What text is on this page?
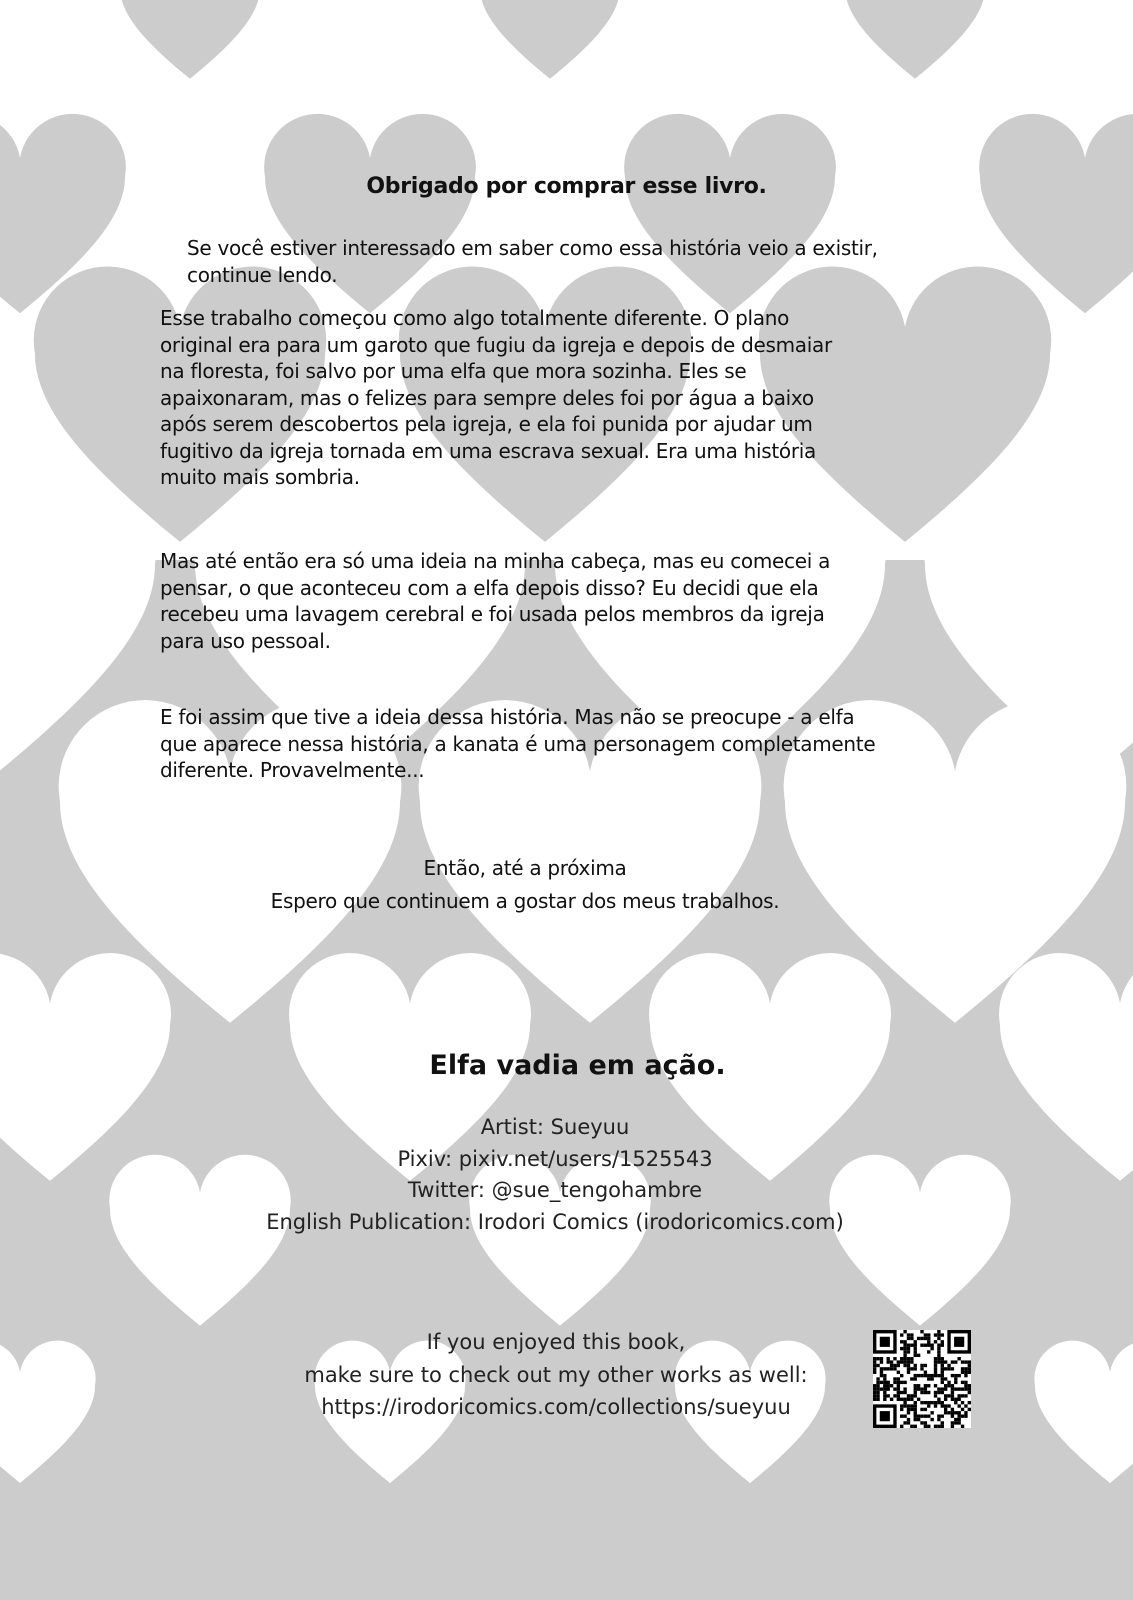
Obrigado por comprar esse livro.
Se você estiver interessado em saber como essa história veio a existir,
continue lendo.
Esse trabalho começou como algo totalmente diferente. O plano
original era para um garoto que fugiu da igreja e depois de desmaiar
na floresta, foi salvo por uma elfa que mora sozinha. Eles se
apaixonaram, mas o felizes para sempre deles foi por água a baixo
após serem descobertos pela igreja, e ela foi punida por ajudar um
fugitivo da igreja tornada em uma escrava sexual. Era uma história
muito mais sombria.
Mas até então era só uma ideia na minha cabeça, mas eu comecei a
pensar, o que aconteceu com a elfa depois disso? Eu decidi que ela
recebeu uma lavagem cerebral e foi usada pelos membros da igreja
para uso pessoal.
E foi assim que tive a ideia dessa história. Mas não se preocupe - a elfa
que aparece nessa história, a kanata é uma personagem completamente
diferente. Provavelmente...
Então, até a próxima
Espero que continuem a gostar dos meus trabalhos.
Elfa vadia em ação.
Artist: Sueyuu
Pixiv: pixiv.net/users/1525543
Twitter: @sue_tengohambre
English Publication: Irodori Comics (irodoricomics.com)
If you enjoyed this book,
make sure to check out my other works as well:
https://irodoricomics.com/collections/sueyuu
